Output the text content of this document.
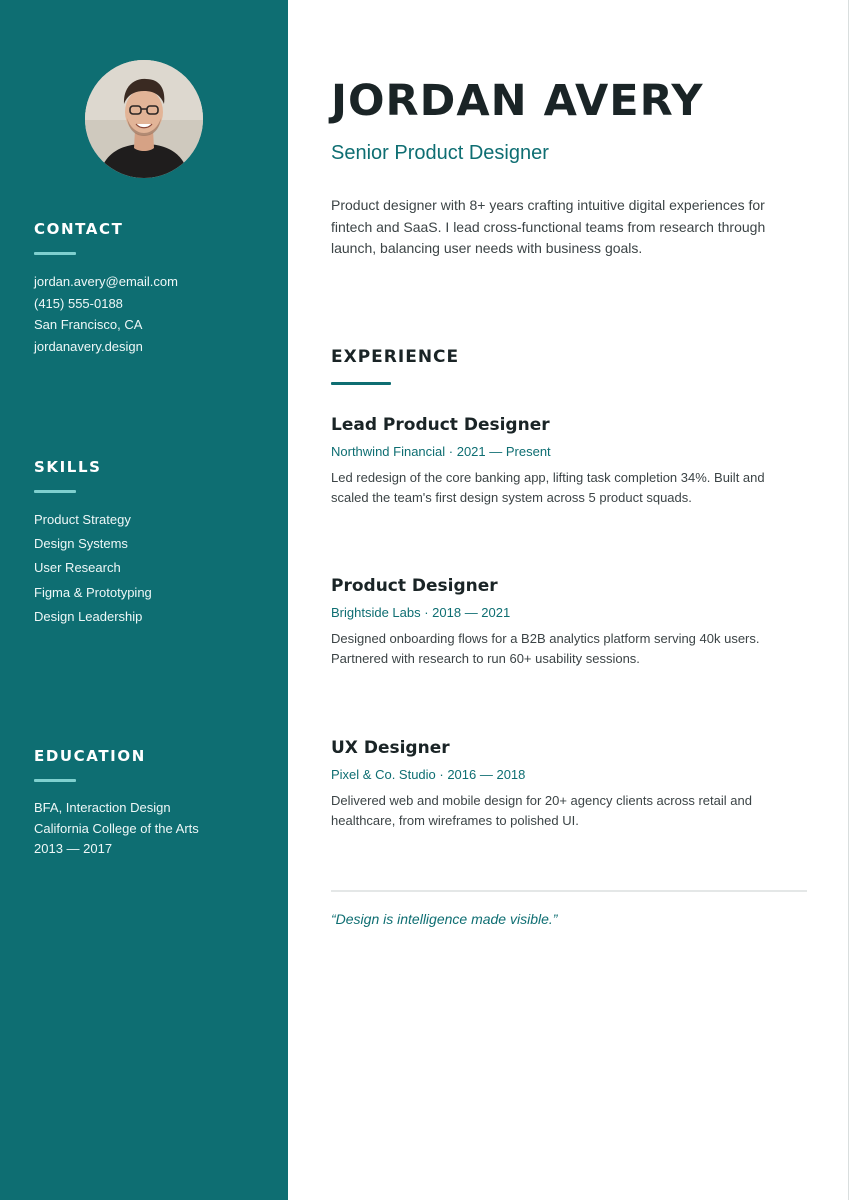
CONTACT
jordan.avery@email.com
(415) 555-0188
San Francisco, CA
jordanavery.design
SKILLS
Product Strategy
Design Systems
User Research
Figma & Prototyping
Design Leadership
EDUCATION
BFA, Interaction Design
California College of the Arts
2013 — 2017
JORDAN AVERY
Senior Product Designer

Product designer with 8+ years crafting intuitive digital experiences for fintech and SaaS. I lead cross-functional teams from research through launch, balancing user needs with business goals.

EXPERIENCE
Lead Product Designer
Northwind Financial · 2021 — Present
Led redesign of the core banking app, lifting task completion 34%. Built and scaled the team's first design system across 5 product squads.
Product Designer
Brightside Labs · 2018 — 2021
Designed onboarding flows for a B2B analytics platform serving 40k users. Partnered with research to run 60+ usability sessions.
UX Designer
Pixel & Co. Studio · 2016 — 2018
Delivered web and mobile design for 20+ agency clients across retail and healthcare, from wireframes to polished UI.
“Design is intelligence made visible.”
